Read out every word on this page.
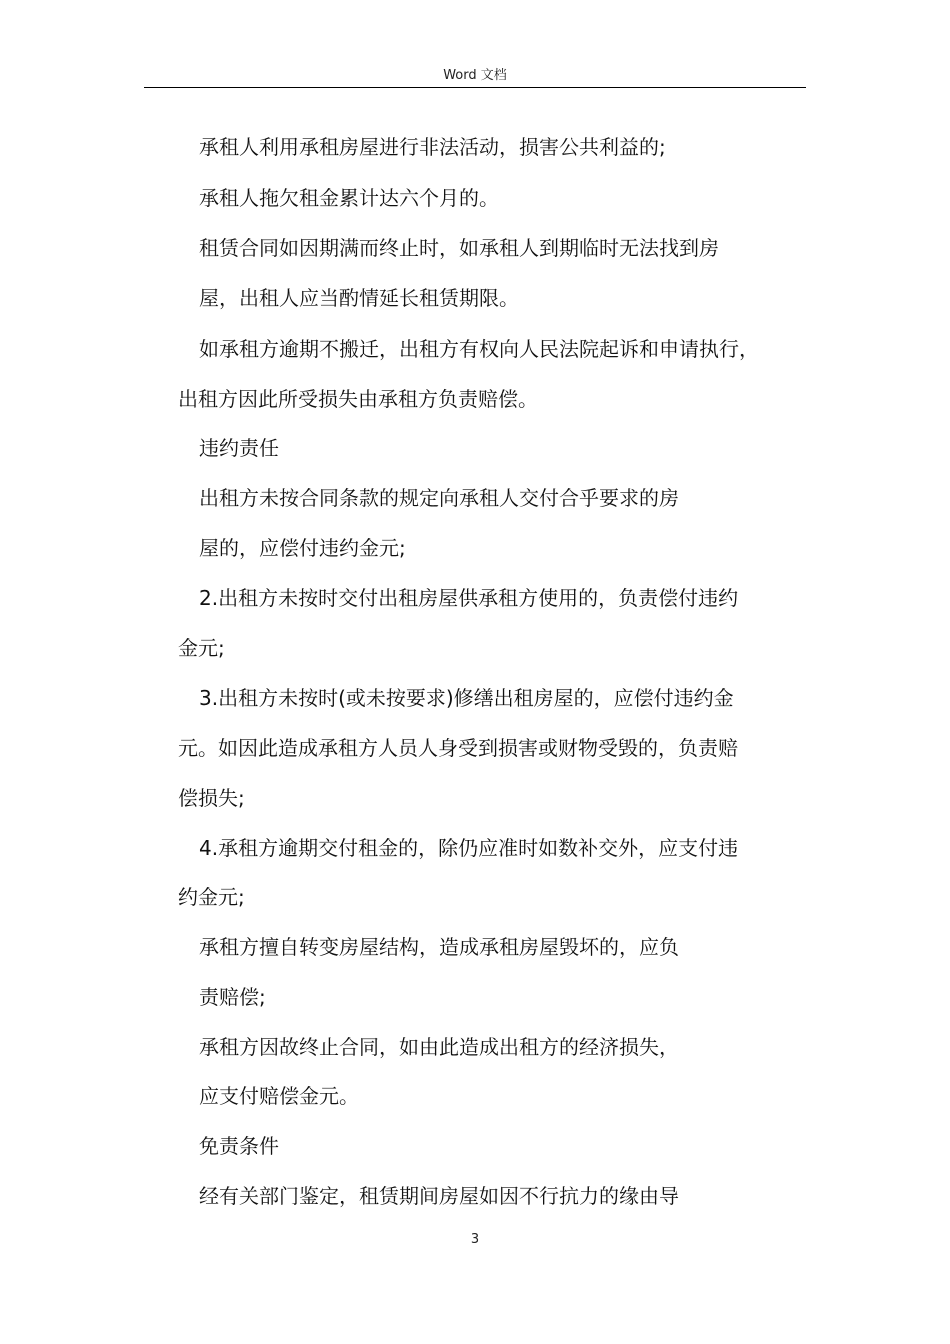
Word 文档
承租人利用承租房屋进行非法活动，损害公共利益的;
承租人拖欠租金累计达六个月的。
租赁合同如因期满而终止时，如承租人到期临时无法找到房
屋，出租人应当酌情延长租赁期限。
如承租方逾期不搬迁，出租方有权向人民法院起诉和申请执行，
出租方因此所受损失由承租方负责赔偿。
违约责任
出租方未按合同条款的规定向承租人交付合乎要求的房
屋的，应偿付违约金元;
2.出租方未按时交付出租房屋供承租方使用的，负责偿付违约
金元;
3.出租方未按时(或未按要求)修缮出租房屋的，应偿付违约金
元。如因此造成承租方人员人身受到损害或财物受毁的，负责赔
偿损失;
4.承租方逾期交付租金的，除仍应准时如数补交外，应支付违
约金元;
承租方擅自转变房屋结构，造成承租房屋毁坏的，应负
责赔偿;
承租方因故终止合同，如由此造成出租方的经济损失，
应支付赔偿金元。
免责条件
经有关部门鉴定，租赁期间房屋如因不行抗力的缘由导
3
